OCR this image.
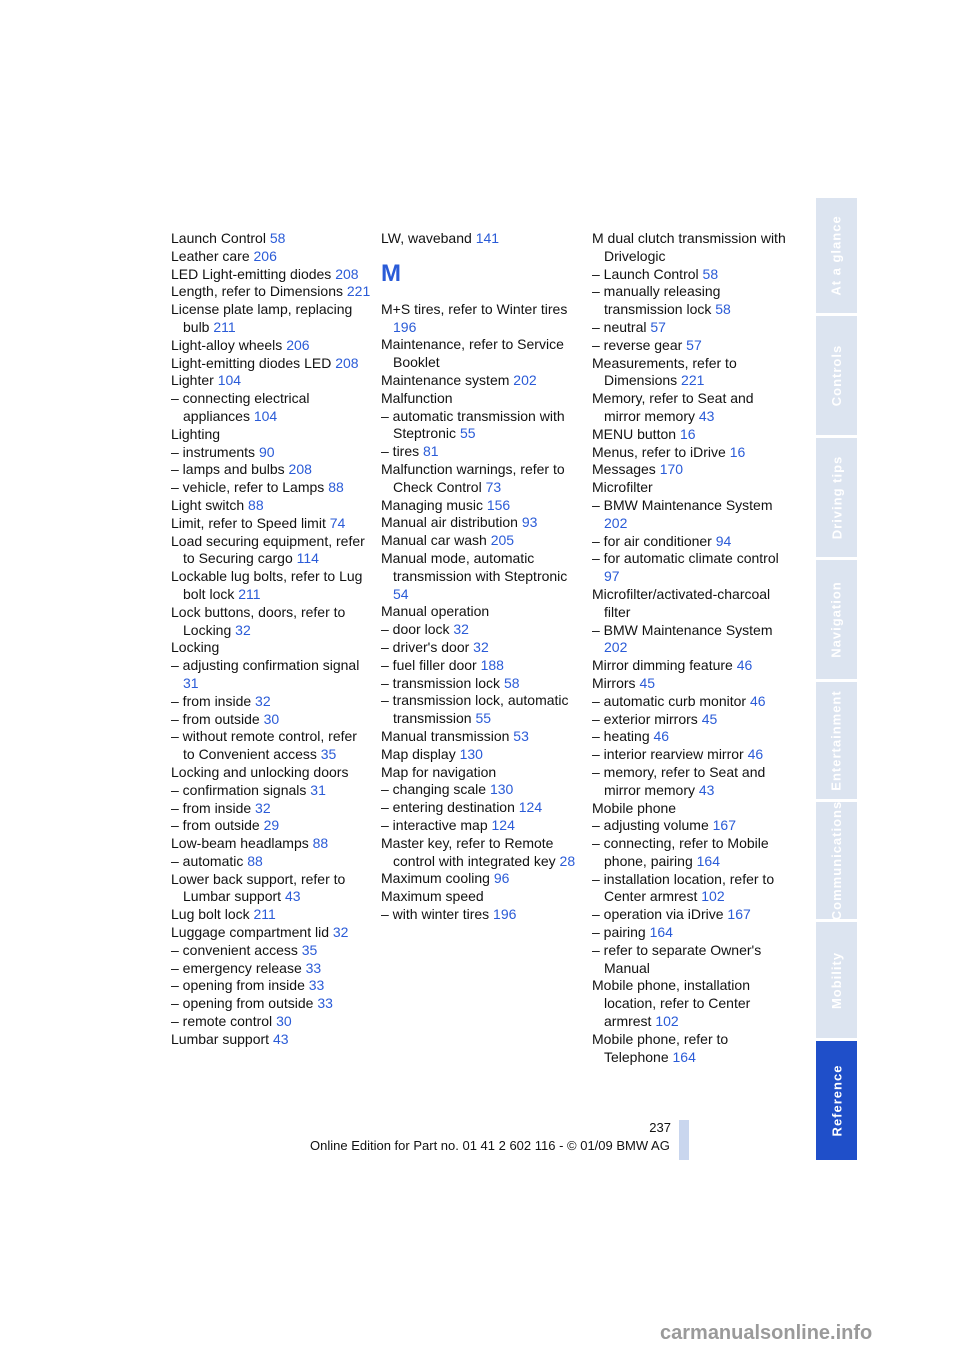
Launch Control 58

Leather care 206

LED Light-emitting diodes 208

Length, refer to Dimensions 221

License plate lamp, replacing bulb 211

Light-alloy wheels 206

Light-emitting diodes LED 208

Lighter 104

– connecting electrical appliances 104

Lighting

– instruments 90

– lamps and bulbs 208

– vehicle, refer to Lamps 88

Light switch 88

Limit, refer to Speed limit 74

Load securing equipment, refer to Securing cargo 114

Lockable lug bolts, refer to Lug bolt lock 211

Lock buttons, doors, refer to Locking 32

Locking

– adjusting confirmation signal 31

– from inside 32

– from outside 30

– without remote control, refer to Convenient access 35

Locking and unlocking doors

– confirmation signals 31

– from inside 32

– from outside 29

Low-beam headlamps 88

– automatic 88

Lower back support, refer to Lumbar support 43

Lug bolt lock 211

Luggage compartment lid 32

– convenient access 35

– emergency release 33

– opening from inside 33

– opening from outside 33

– remote control 30

Lumbar support 43

LW, waveband 141

M

M+S tires, refer to Winter tires 196

Maintenance, refer to Service Booklet

Maintenance system 202

Malfunction

– automatic transmission with Steptronic 55

– tires 81

Malfunction warnings, refer to Check Control 73

Managing music 156

Manual air distribution 93

Manual car wash 205

Manual mode, automatic transmission with Steptronic 54

Manual operation

– door lock 32

– driver's door 32

– fuel filler door 188

– transmission lock 58

– transmission lock, automatic transmission 55

Manual transmission 53

Map display 130

Map for navigation

– changing scale 130

– entering destination 124

– interactive map 124

Master key, refer to Remote control with integrated key 28

Maximum cooling 96

Maximum speed

– with winter tires 196

M dual clutch transmission with Drivelogic

– Launch Control 58

– manually releasing transmission lock 58

– neutral 57

– reverse gear 57

Measurements, refer to Dimensions 221

Memory, refer to Seat and mirror memory 43

MENU button 16

Menus, refer to iDrive 16

Messages 170

Microfilter

– BMW Maintenance System 202

– for air conditioner 94

– for automatic climate control 97

Microfilter/activated-charcoal filter

– BMW Maintenance System 202

Mirror dimming feature 46

Mirrors 45

– automatic curb monitor 46

– exterior mirrors 45

– heating 46

– interior rearview mirror 46

– memory, refer to Seat and mirror memory 43

Mobile phone

– adjusting volume 167

– connecting, refer to Mobile phone, pairing 164

– installation location, refer to Center armrest 102

– operation via iDrive 167

– pairing 164

– refer to separate Owner's Manual

Mobile phone, installation location, refer to Center armrest 102

Mobile phone, refer to Telephone 164

At a glance
Controls
Driving tips
Navigation
Entertainment
Communications
Mobility
Reference
237
Online Edition for Part no. 01 41 2 602 116 - © 01/09 BMW AG
carmanualsonline.info
